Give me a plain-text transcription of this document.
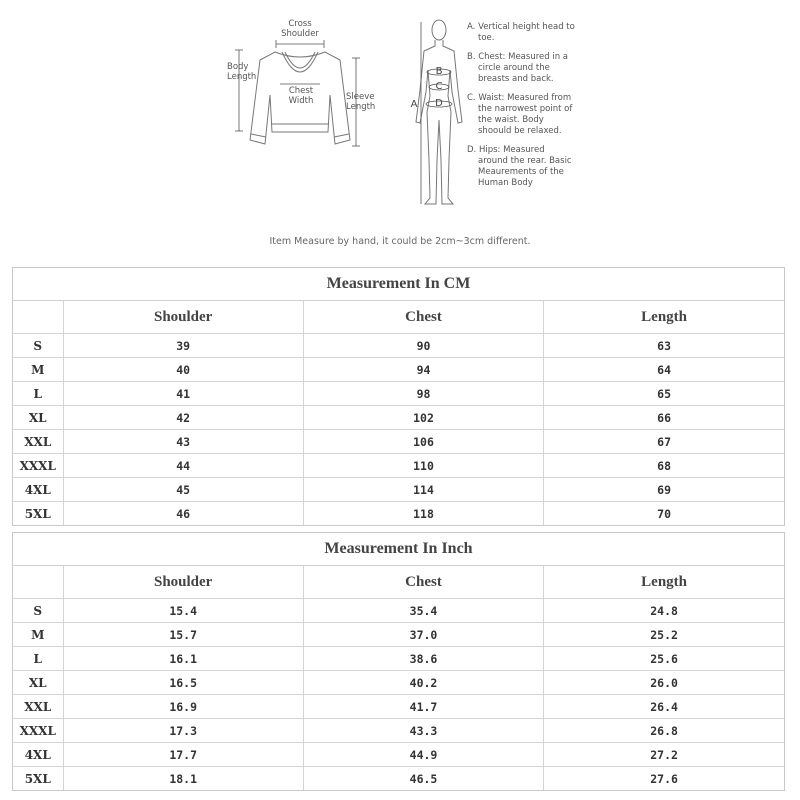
Cross Shoulder
Body Length
Chest Width	Sleeve Length	A
B
C
D

A. Vertical height head to toe.

B. Chest: Measured in a circle around the breasts and back.

C. Waist: Measured from the narrowest point of the waist. Body shoould be relaxed.

D. Hips: Measured around the rear. Basic Meaurements of the Human Body

Item Measure by hand, it could be 2cm~3cm different.
Measurement In CM
	Shoulder	Chest	Length
S	39	90	63
M	40	94	64
L	41	98	65
XL	42	102	66
XXL	43	106	67
XXXL	44	110	68
4XL	45	114	69
5XL	46	118	70
Measurement In Inch
	Shoulder	Chest	Length
S	15.4	35.4	24.8
M	15.7	37.0	25.2
L	16.1	38.6	25.6
XL	16.5	40.2	26.0
XXL	16.9	41.7	26.4
XXXL	17.3	43.3	26.8
4XL	17.7	44.9	27.2
5XL	18.1	46.5	27.6
